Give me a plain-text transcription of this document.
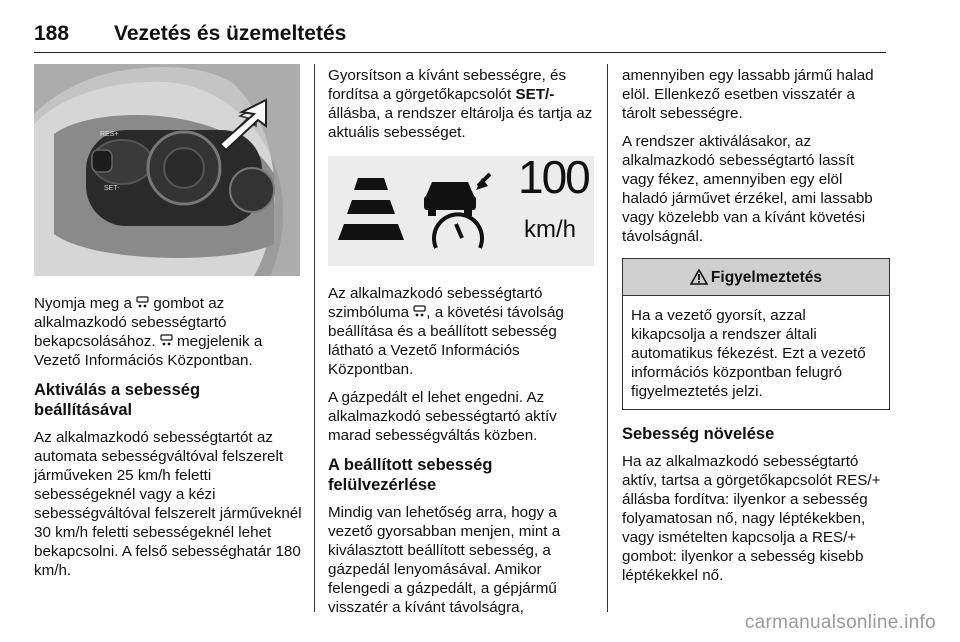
188 Vezetés és üzemeltetés
RES+
SET-

Nyomja meg a  gombot az alkalmazkodó sebességtartó bekapcsolásához.  megjelenik a Vezető Információs Központban.

Aktiválás a sebesség beállításával

Az alkalmazkodó sebességtartót az automata sebességváltóval felszerelt járműveken 25 km/h feletti sebességeknél vagy a kézi sebességváltóval felszerelt járműveknél 30 km/h feletti sebességeknél lehet bekapcsolni. A felső sebességhatár 180 km/h.

Gyorsítson a kívánt sebességre, és fordítsa a görgetőkapcsolót SET/- állásba, a rendszer eltárolja és tartja az aktuális sebességet.

100
km/h

Az alkalmazkodó sebességtartó szimbóluma , a követési távolság beállítása és a beállított sebesség látható a Vezető Információs Központban.

A gázpedált el lehet engedni. Az alkalmazkodó sebességtartó aktív marad sebességváltás közben.

A beállított sebesség felülvezérlése

Mindig van lehetőség arra, hogy a vezető gyorsabban menjen, mint a kiválasztott beállított sebesség, a gázpedál lenyomásával. Amikor felengedi a gázpedált, a gépjármű visszatér a kívánt távolságra,

amennyiben egy lassabb jármű halad elöl. Ellenkező esetben visszatér a tárolt sebességre.

A rendszer aktiválásakor, az alkalmazkodó sebességtartó lassít vagy fékez, amennyiben egy elöl haladó járművet érzékel, ami lassabb vagy közelebb van a kívánt követési távolságnál.

Figyelmeztetés

Ha a vezető gyorsít, azzal kikapcsolja a rendszer általi automatikus fékezést. Ezt a vezető információs központban felugró figyelmeztetés jelzi.

Sebesség növelése

Ha az alkalmazkodó sebességtartó aktív, tartsa a görgetőkapcsolót RES/+ állásba fordítva: ilyenkor a sebesség folyamatosan nő, nagy léptékekben, vagy ismételten kapcsolja a RES/+ gombot: ilyenkor a sebesség kisebb léptékekkel nő.

carmanualsonline.info
